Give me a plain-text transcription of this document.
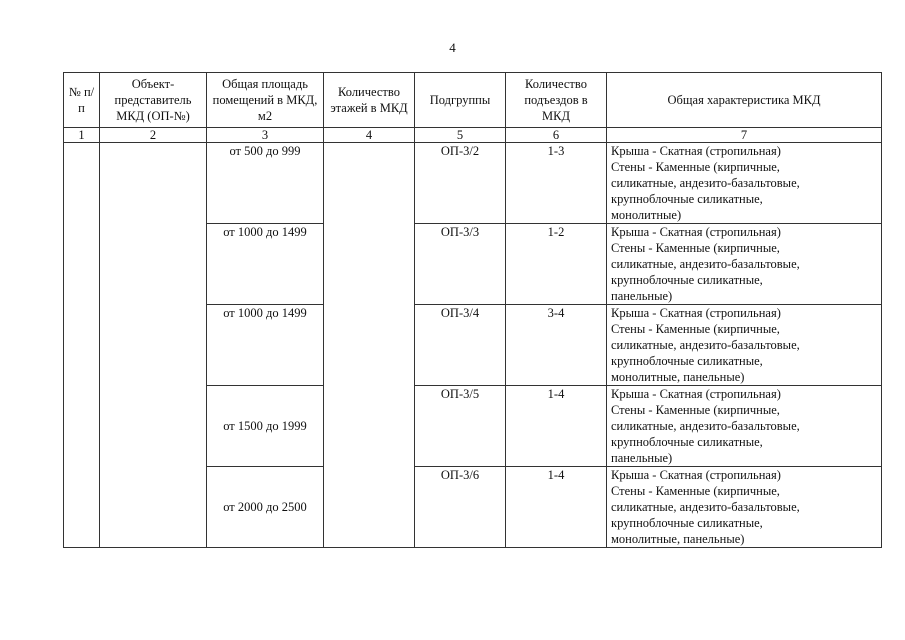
4
№ п/п	Объект-представитель МКД (ОП-№)	Общая площадь помещений в МКД, м2	Количество этажей в МКД	Подгруппы	Количество подъездов в МКД	Общая характеристика МКД
1	2	3	4	5	6	7
		от 500 до 999		ОП-3/2	1-3	Крыша - Скатная (стропильная)
Стены - Каменные (кирпичные,
силикатные, андезито-базальтовые,
крупноблочные силикатные,
монолитные)

		от 1000 до 1499		ОП-3/3	1-2	Крыша - Скатная (стропильная)
Стены - Каменные (кирпичные,
силикатные, андезито-базальтовые,
крупноблочные силикатные,
панельные)

		от 1000 до 1499		ОП-3/4	3-4	Крыша - Скатная (стропильная)
Стены - Каменные (кирпичные,
силикатные, андезито-базальтовые,
крупноблочные силикатные,
монолитные, панельные)

		от 1500 до 1999		ОП-3/5	1-4	Крыша - Скатная (стропильная)
Стены - Каменные (кирпичные,
силикатные, андезито-базальтовые,
крупноблочные силикатные,
панельные)

		от 2000 до 2500		ОП-3/6	1-4	Крыша - Скатная (стропильная)
Стены - Каменные (кирпичные,
силикатные, андезито-базальтовые,
крупноблочные силикатные,
монолитные, панельные)
